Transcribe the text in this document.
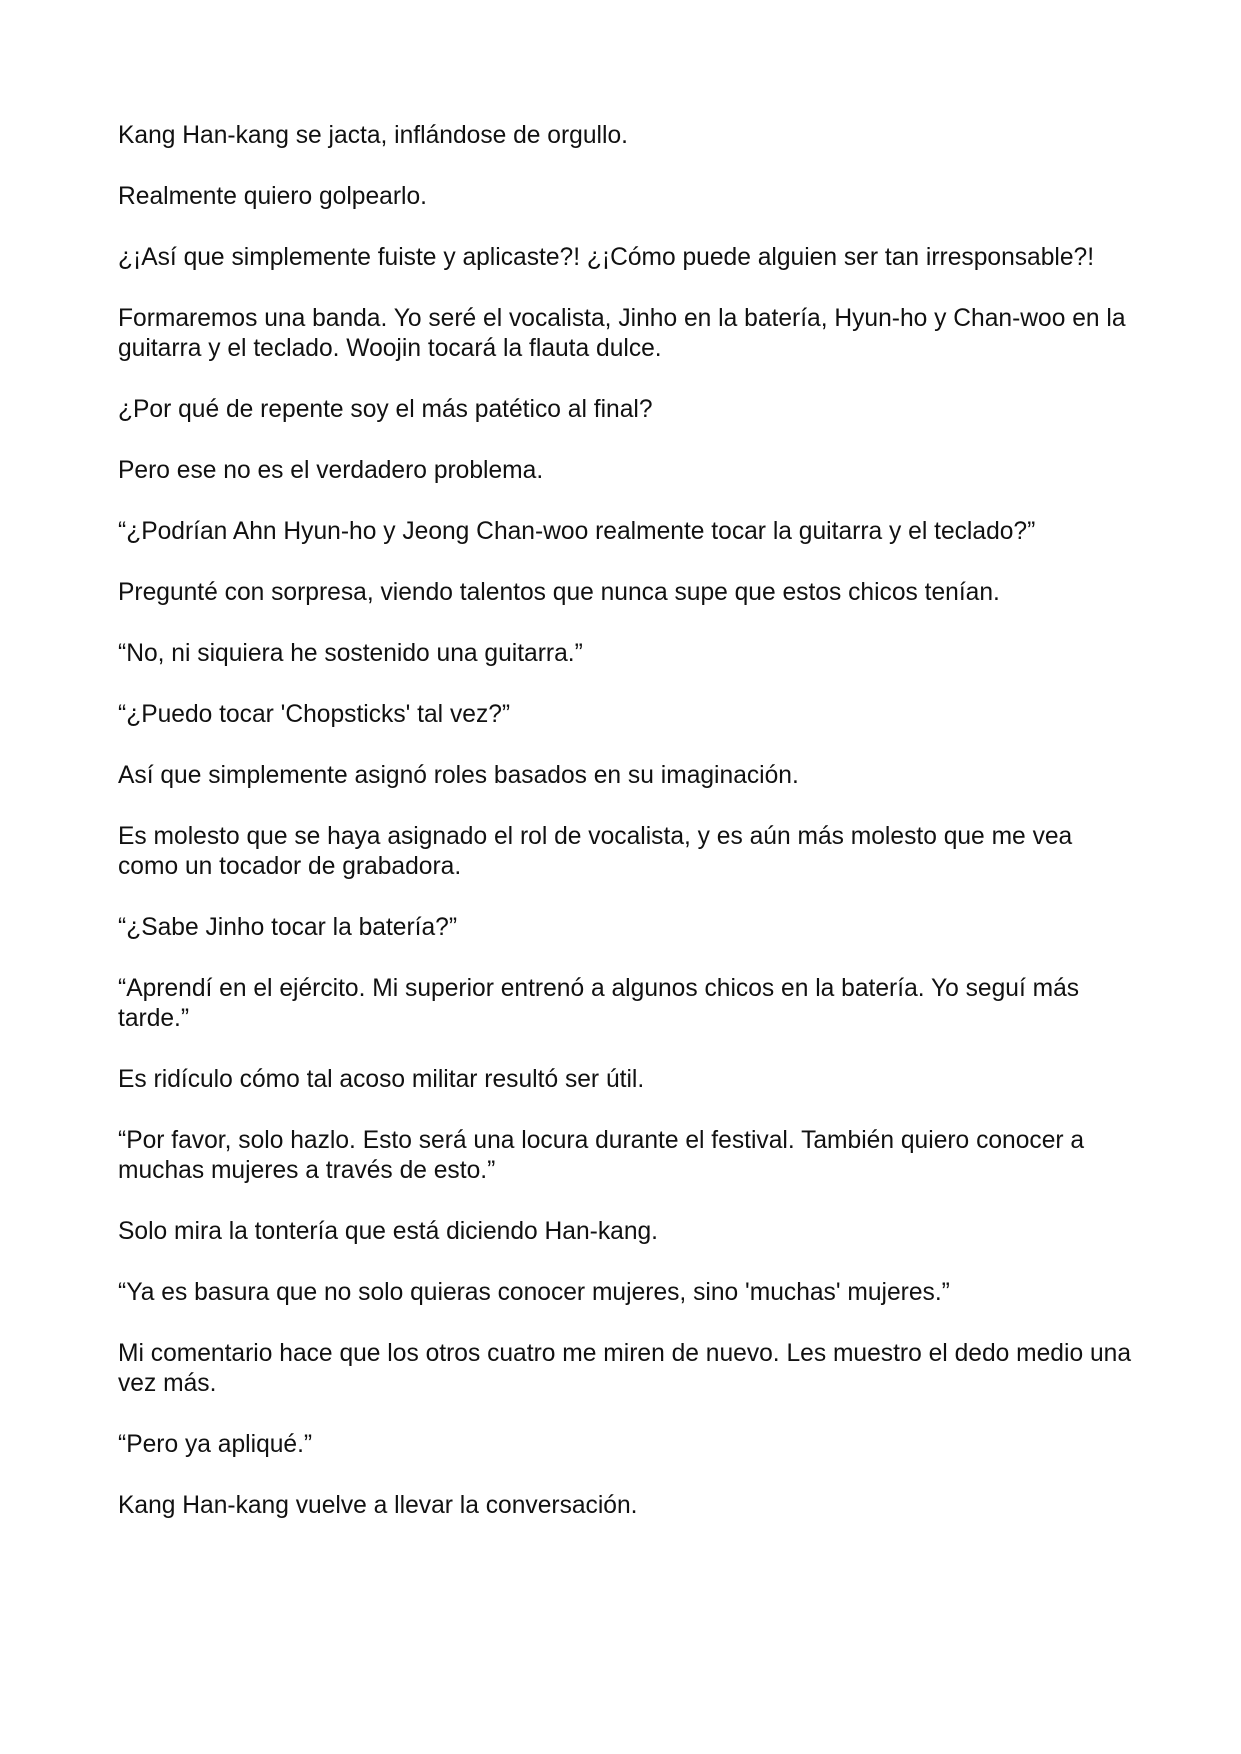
Kang Han-kang se jacta, inflándose de orgullo.

Realmente quiero golpearlo.

¿¡Así que simplemente fuiste y aplicaste?! ¿¡Cómo puede alguien ser tan irresponsable?!

Formaremos una banda. Yo seré el vocalista, Jinho en la batería, Hyun-ho y Chan-woo en la guitarra y el teclado. Woojin tocará la flauta dulce.

¿Por qué de repente soy el más patético al final?

Pero ese no es el verdadero problema.

“¿Podrían Ahn Hyun-ho y Jeong Chan-woo realmente tocar la guitarra y el teclado?”

Pregunté con sorpresa, viendo talentos que nunca supe que estos chicos tenían.

“No, ni siquiera he sostenido una guitarra.”

“¿Puedo tocar 'Chopsticks' tal vez?”

Así que simplemente asignó roles basados en su imaginación.

Es molesto que se haya asignado el rol de vocalista, y es aún más molesto que me vea como un tocador de grabadora.

“¿Sabe Jinho tocar la batería?”

“Aprendí en el ejército. Mi superior entrenó a algunos chicos en la batería. Yo seguí más tarde.”

Es ridículo cómo tal acoso militar resultó ser útil.

“Por favor, solo hazlo. Esto será una locura durante el festival. También quiero conocer a muchas mujeres a través de esto.”

Solo mira la tontería que está diciendo Han-kang.

“Ya es basura que no solo quieras conocer mujeres, sino 'muchas' mujeres.”

Mi comentario hace que los otros cuatro me miren de nuevo. Les muestro el dedo medio una vez más.

“Pero ya apliqué.”

Kang Han-kang vuelve a llevar la conversación.
